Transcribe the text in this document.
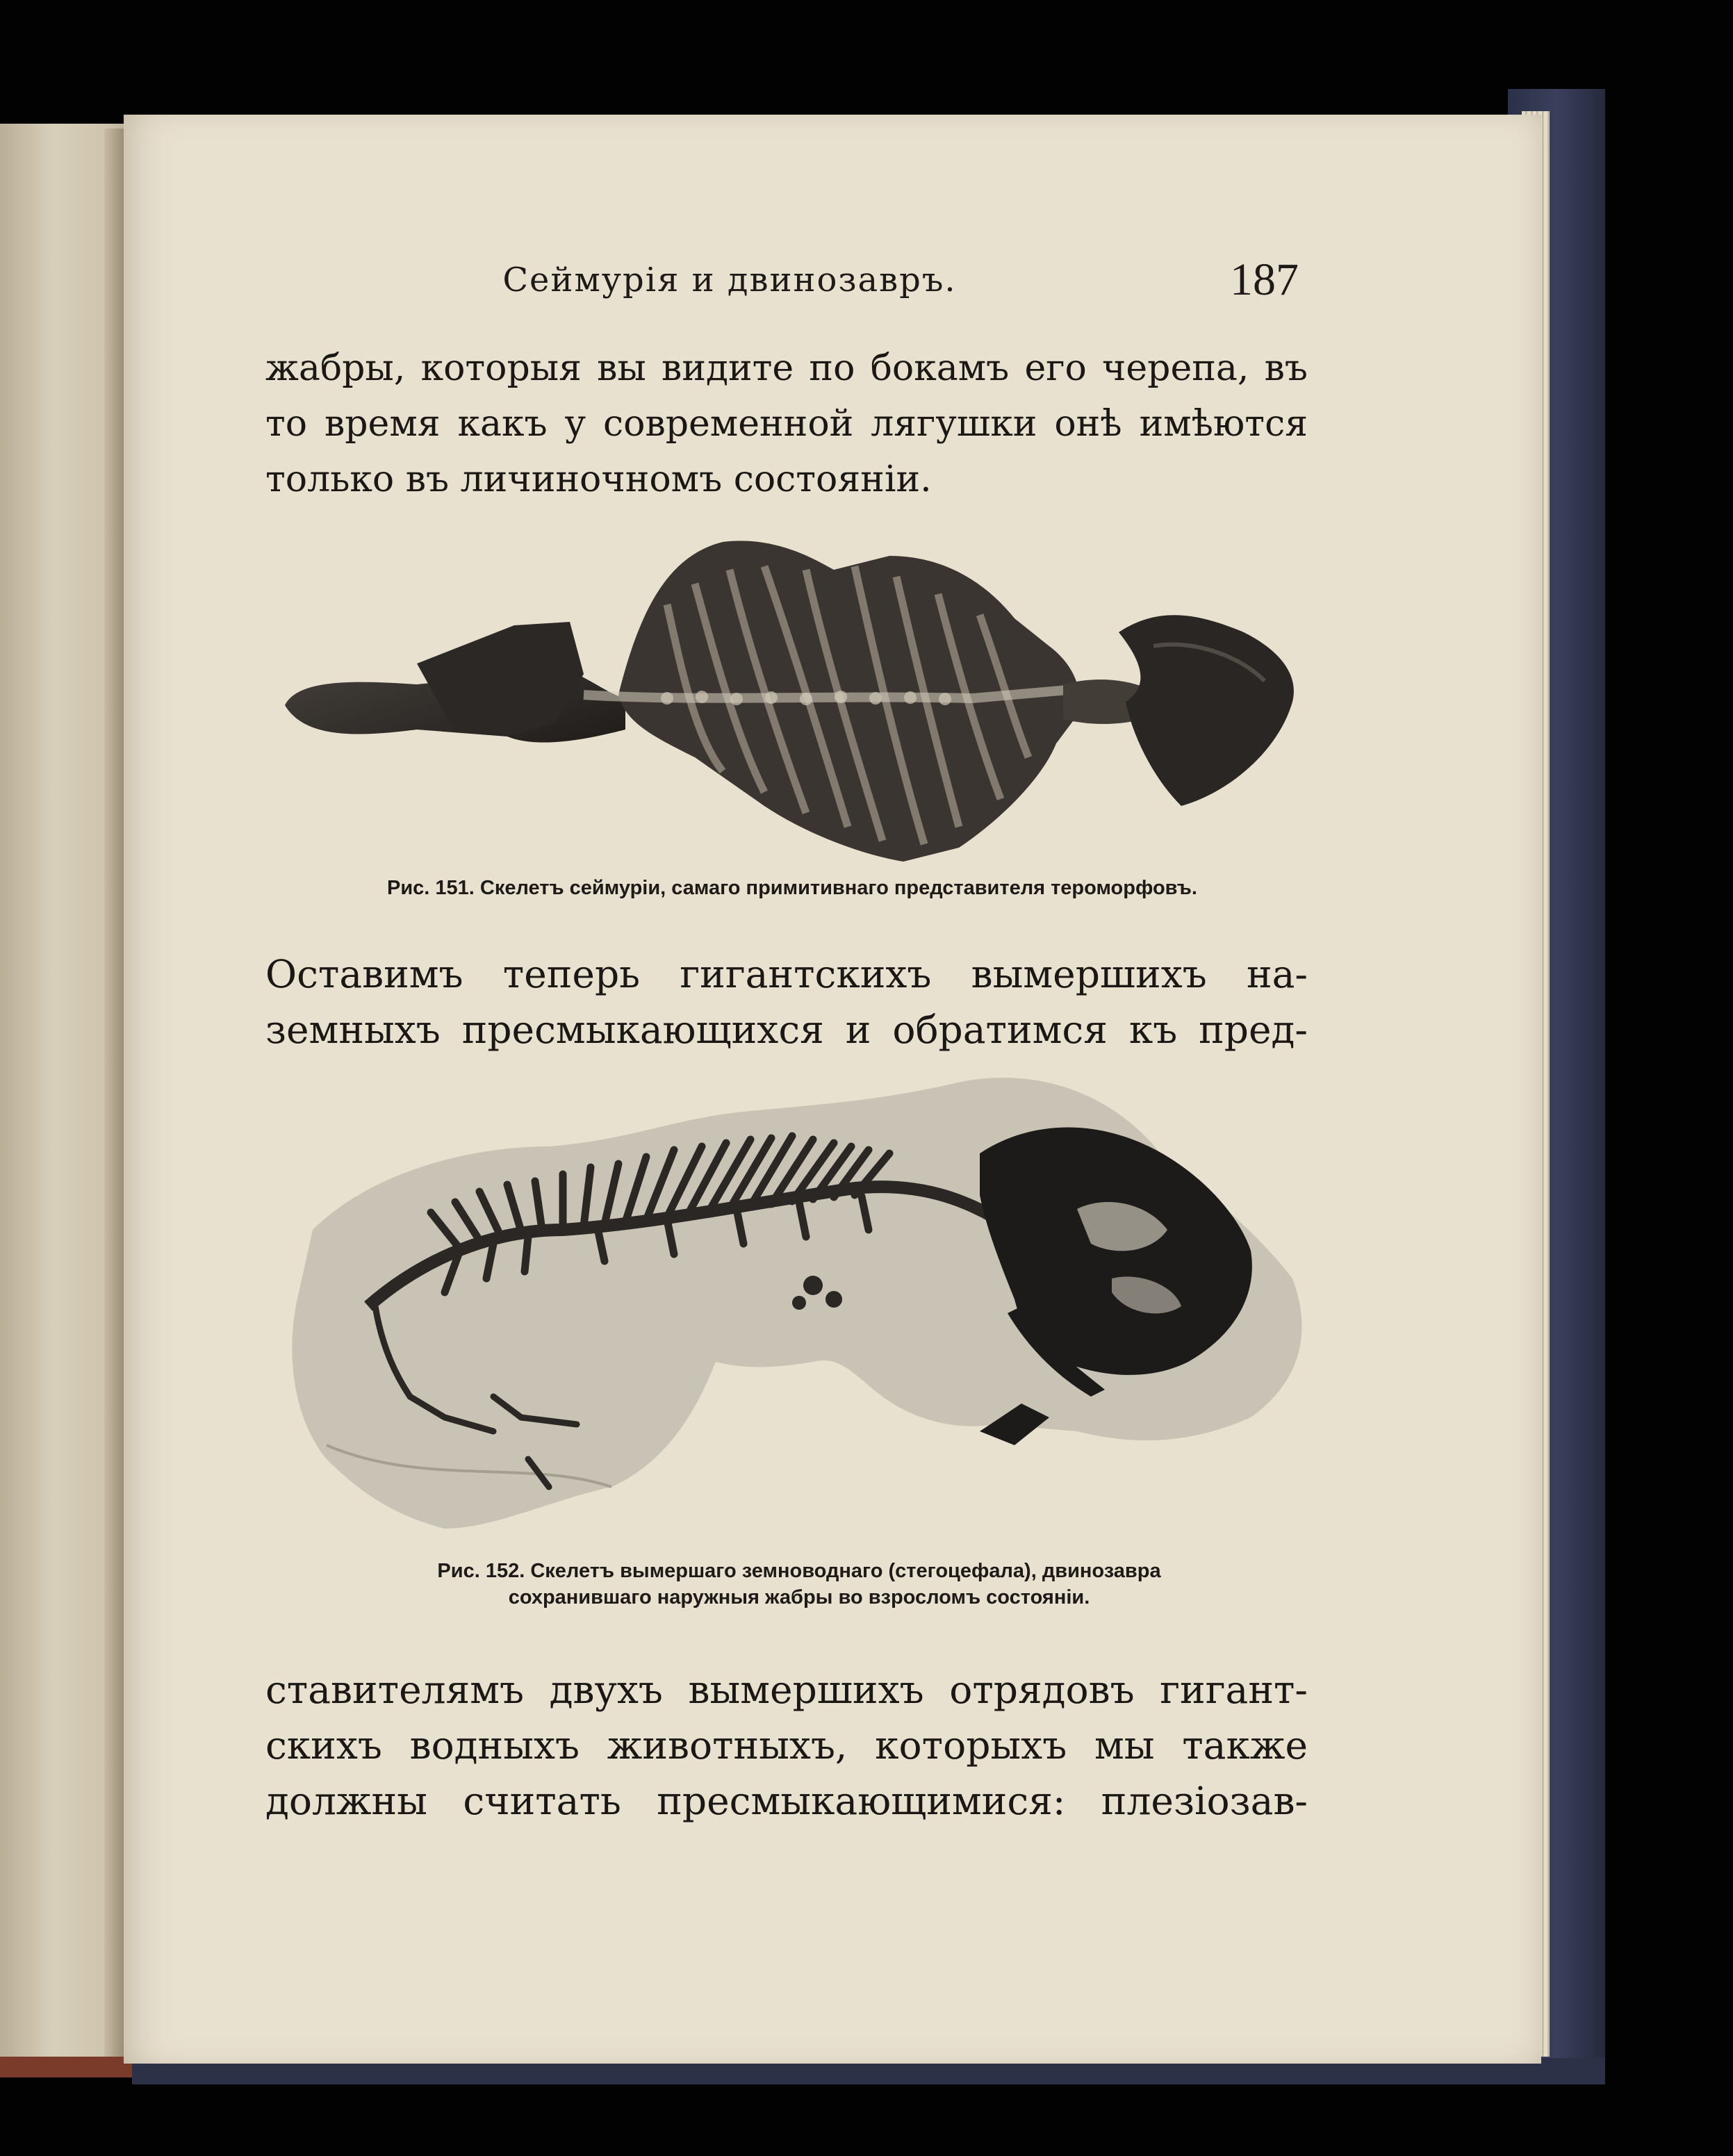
Сеймурія и двинозавръ.	187
жабры, которыя вы видите по бокамъ его черепа, въ
то время какъ у современной лягушки онѣ имѣются
только въ личиночномъ состояніи.
Рис. 151. Скелетъ сеймуріи, самаго примитивнаго представителя тероморфовъ.
Оставимъ теперь гигантскихъ вымершихъ на-
земныхъ пресмыкающихся и обратимся къ пред-
Рис. 152. Скелетъ вымершаго земноводнаго (стегоцефала), двинозавра
сохранившаго наружныя жабры во взросломъ состояніи.
ставителямъ двухъ вымершихъ отрядовъ гигант-
скихъ водныхъ животныхъ, которыхъ мы также
должны считать пресмыкающимися: плезіозав-
